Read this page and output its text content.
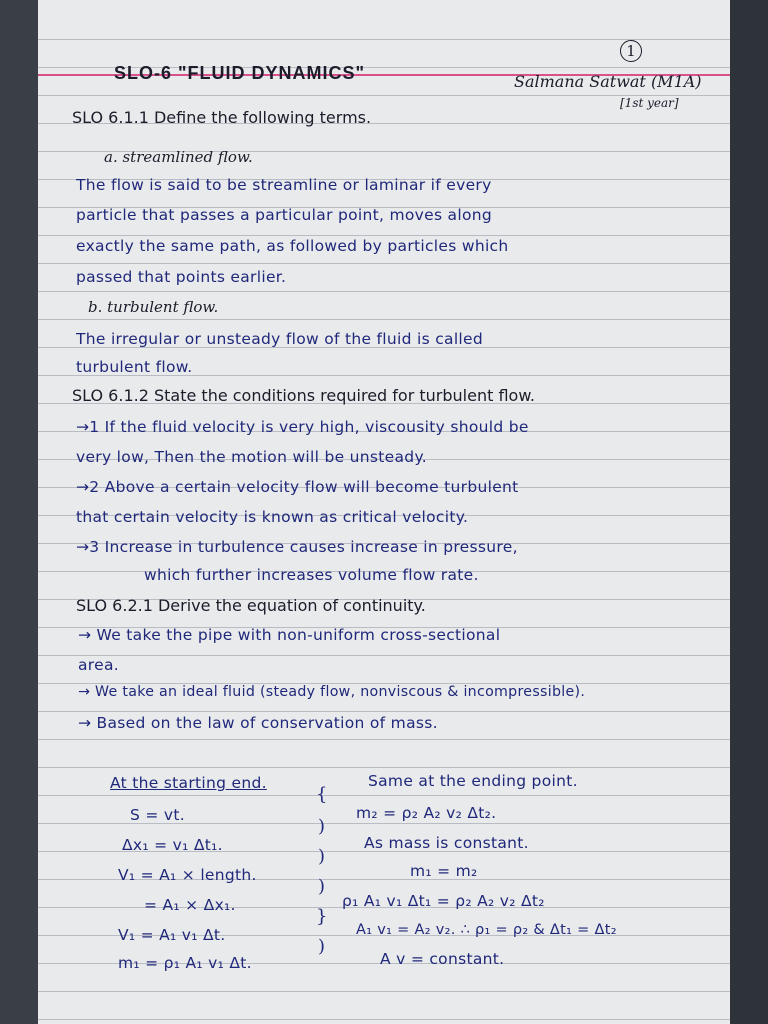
1
SLO-6 "FLUID DYNAMICS"	Salmana Satwat (M1A)
[1st year]
SLO 6.1.1 Define the following terms.
a. streamlined flow.
The flow is said to be streamline or laminar if every
particle that passes a particular point, moves along
exactly the same path, as followed by particles which
passed that points earlier.
b. turbulent flow.
The irregular or unsteady flow of the fluid is called
turbulent flow.
SLO 6.1.2 State the conditions required for turbulent flow.
→1 If the fluid velocity is very high, viscousity should be
very low, Then the motion will be unsteady.
→2 Above a certain velocity flow will become turbulent
that certain velocity is known as critical velocity.
→3 Increase in turbulence causes increase in pressure,
which further increases volume flow rate.
SLO 6.2.1 Derive the equation of continuity.
→ We take the pipe with non-uniform cross-sectional
area.
→ We take an ideal fluid (steady flow, nonviscous & incompressible).
→ Based on the law of conservation of mass.
At the starting end.
S = vt.
Δx₁ = v₁ Δt₁.
V₁ = A₁ × length.
= A₁ × Δx₁.
V₁ = A₁ v₁ Δt.
m₁ = ρ₁ A₁ v₁ Δt.
{
)
)
)
}
)
Same at the ending point.
m₂ = ρ₂ A₂ v₂ Δt₂.
As mass is constant.
m₁ = m₂
ρ₁ A₁ v₁ Δt₁ = ρ₂ A₂ v₂ Δt₂
A₁ v₁ = A₂ v₂. ∴ ρ₁ = ρ₂ & Δt₁ = Δt₂
A v = constant.
